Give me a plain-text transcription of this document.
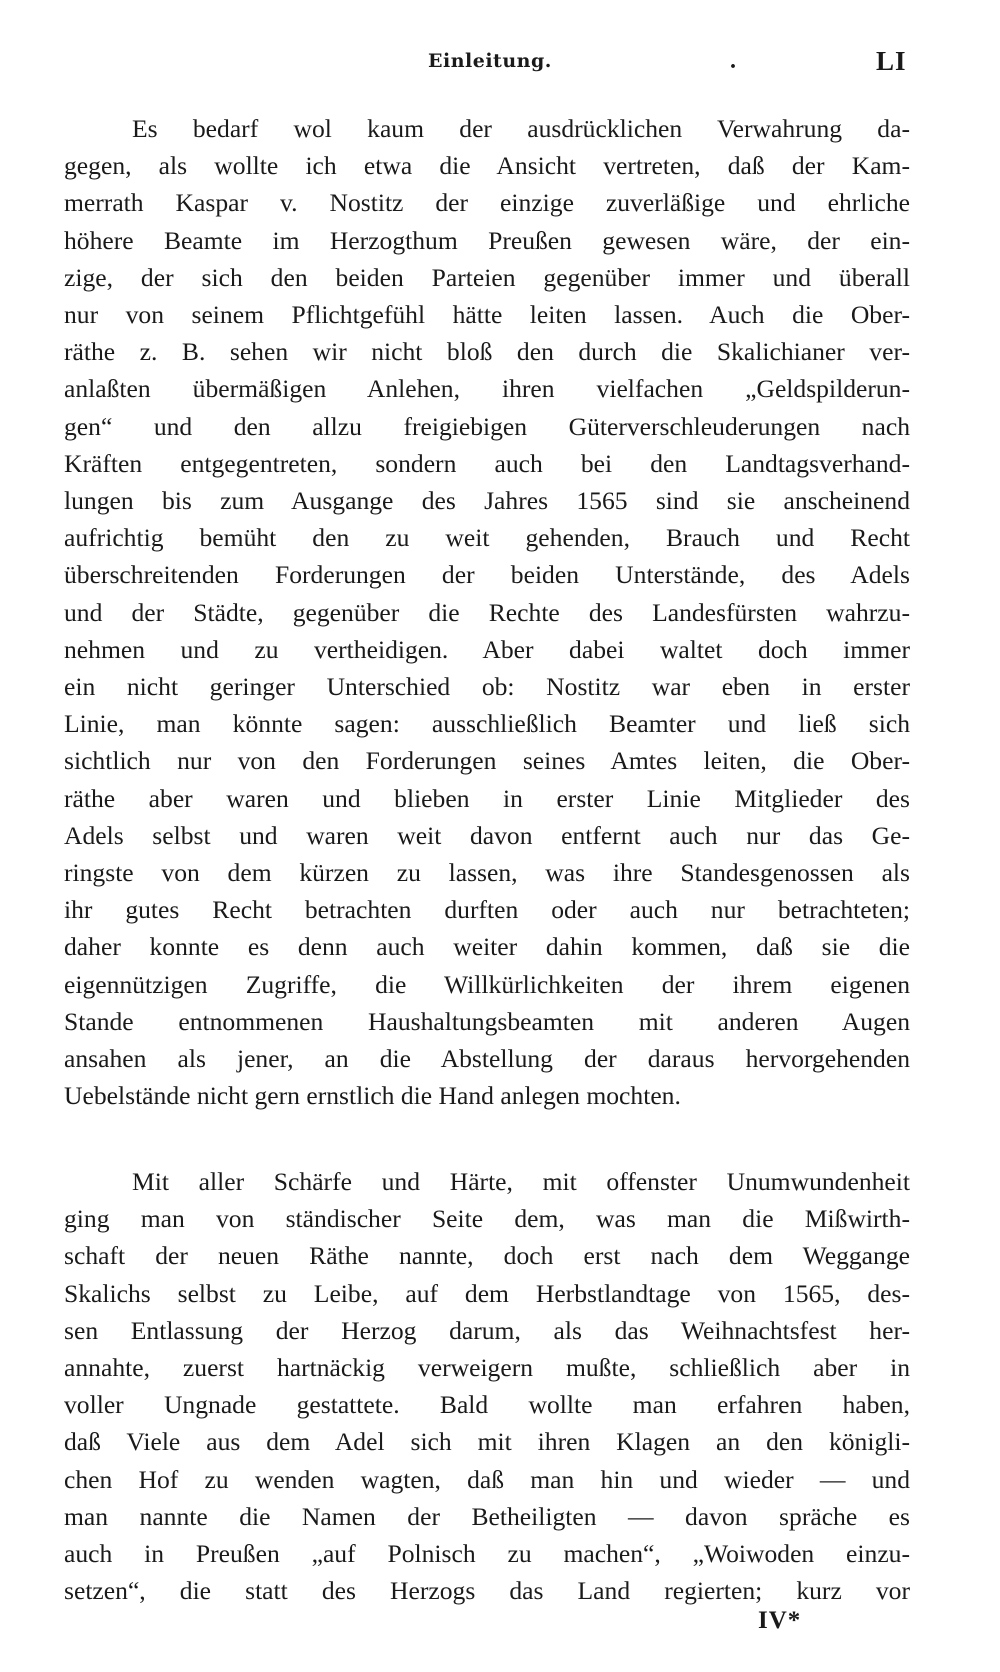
Einleitung.	.	LI
Es bedarf wol kaum der ausdrücklichen Verwahrung da-
gegen, als wollte ich etwa die Ansicht vertreten, daß der Kam-
merrath Kaspar v. Nostitz der einzige zuverläßige und ehrliche
höhere Beamte im Herzogthum Preußen gewesen wäre, der ein-
zige, der sich den beiden Parteien gegenüber immer und überall
nur von seinem Pflichtgefühl hätte leiten lassen. Auch die Ober-
räthe z. B. sehen wir nicht bloß den durch die Skalichianer ver-
anlaßten übermäßigen Anlehen, ihren vielfachen „Geldspilderun-
gen“ und den allzu freigiebigen Güterverschleuderungen nach
Kräften entgegentreten, sondern auch bei den Landtagsverhand-
lungen bis zum Ausgange des Jahres 1565 sind sie anscheinend
aufrichtig bemüht den zu weit gehenden, Brauch und Recht
überschreitenden Forderungen der beiden Unterstände, des Adels
und der Städte, gegenüber die Rechte des Landesfürsten wahrzu-
nehmen und zu vertheidigen. Aber dabei waltet doch immer
ein nicht geringer Unterschied ob: Nostitz war eben in erster
Linie, man könnte sagen: ausschließlich Beamter und ließ sich
sichtlich nur von den Forderungen seines Amtes leiten, die Ober-
räthe aber waren und blieben in erster Linie Mitglieder des
Adels selbst und waren weit davon entfernt auch nur das Ge-
ringste von dem kürzen zu lassen, was ihre Standesgenossen als
ihr gutes Recht betrachten durften oder auch nur betrachteten;
daher konnte es denn auch weiter dahin kommen, daß sie die
eigennützigen Zugriffe, die Willkürlichkeiten der ihrem eigenen
Stande entnommenen Haushaltungsbeamten mit anderen Augen
ansahen als jener, an die Abstellung der daraus hervorgehenden
Uebelstände nicht gern ernstlich die Hand anlegen mochten.
Mit aller Schärfe und Härte, mit offenster Unumwundenheit
ging man von ständischer Seite dem, was man die Mißwirth-
schaft der neuen Räthe nannte, doch erst nach dem Weggange
Skalichs selbst zu Leibe, auf dem Herbstlandtage von 1565, des-
sen Entlassung der Herzog darum, als das Weihnachtsfest her-
annahte, zuerst hartnäckig verweigern mußte, schließlich aber in
voller Ungnade gestattete. Bald wollte man erfahren haben,
daß Viele aus dem Adel sich mit ihren Klagen an den königli-
chen Hof zu wenden wagten, daß man hin und wieder — und
man nannte die Namen der Betheiligten — davon spräche es
auch in Preußen „auf Polnisch zu machen“, „Woiwoden einzu-
setzen“, die statt des Herzogs das Land regierten; kurz vor
IV*
